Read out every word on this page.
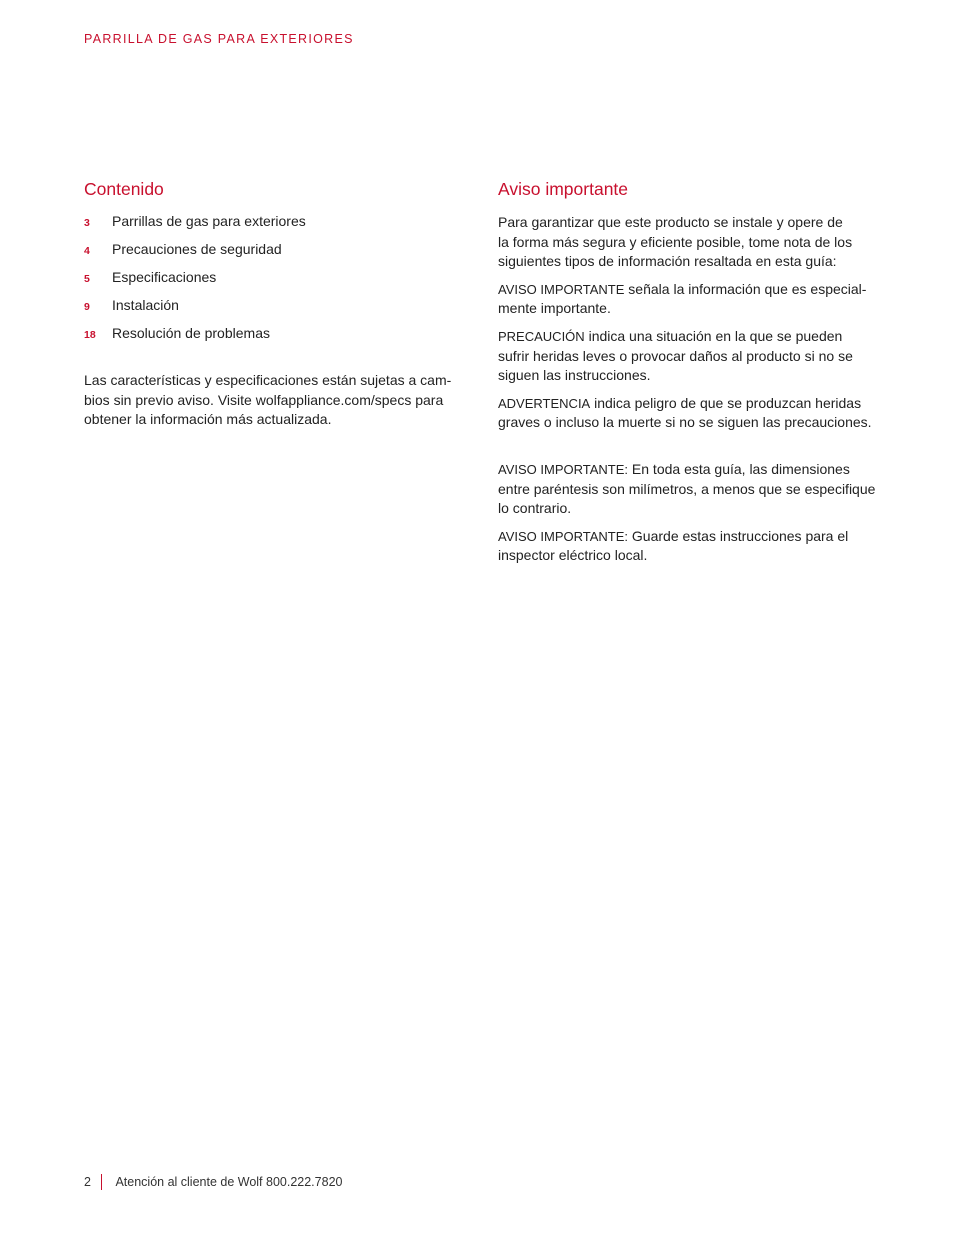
PARRILLA DE GAS PARA EXTERIORES
Contenido
3	Parrillas de gas para exteriores
4	Precauciones de seguridad
5	Especificaciones
9	Instalación
18	Resolución de problemas

Las características y especificaciones están sujetas a cam-
bios sin previo aviso. Visite wolfappliance.com/specs para
obtener la información más actualizada.

Aviso importante

Para garantizar que este producto se instale y opere de
la forma más segura y eficiente posible, tome nota de los
siguientes tipos de información resaltada en esta guía:

AVISO IMPORTANTE señala la información que es especial-
mente importante.

PRECAUCIÓN indica una situación en la que se pueden
sufrir heridas leves o provocar daños al producto si no se
siguen las instrucciones.

ADVERTENCIA indica peligro de que se produzcan heridas
graves o incluso la muerte si no se siguen las precauciones.

AVISO IMPORTANTE: En toda esta guía, las dimensiones
entre paréntesis son milímetros, a menos que se especifique
lo contrario.

AVISO IMPORTANTE: Guarde estas instrucciones para el
inspector eléctrico local.

2 Atención al cliente de Wolf 800.222.7820
